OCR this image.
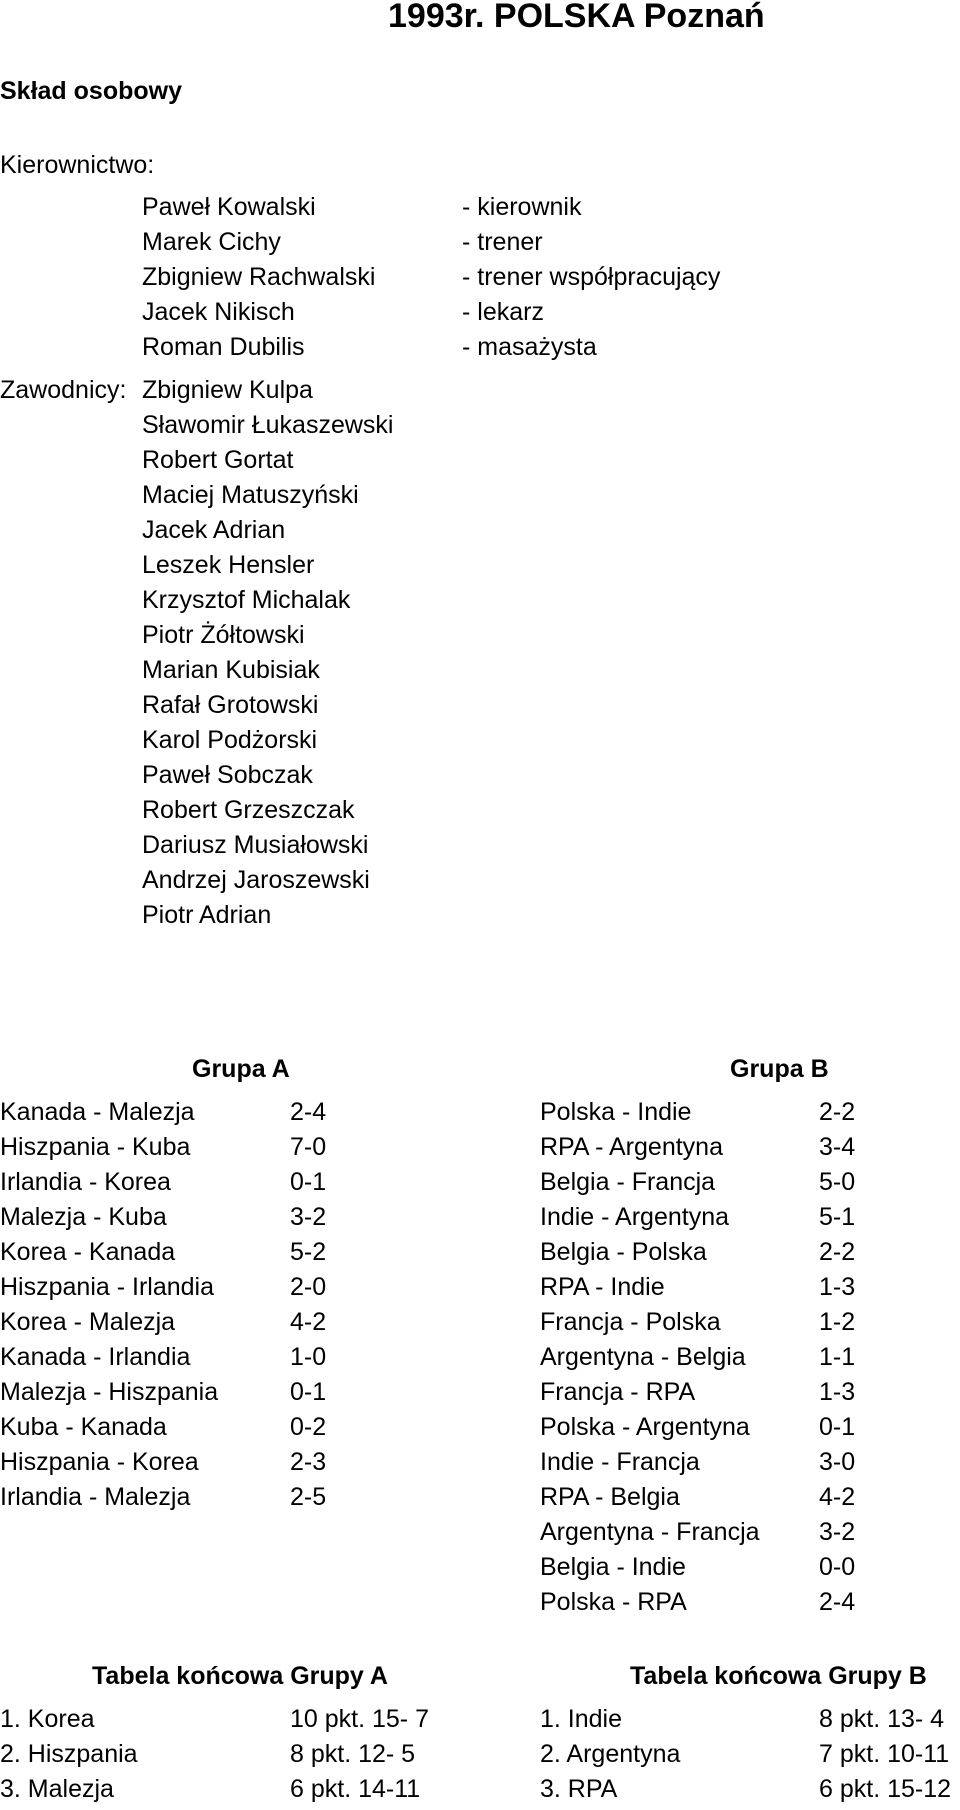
1993r. POLSKA Poznań
Skład osobowy
Kierownictwo:
Paweł Kowalski	- kierownik
Marek Cichy	- trener
Zbigniew Rachwalski	- trener współpracujący
Jacek Nikisch	- lekarz
Roman Dubilis	- masażysta
Zawodnicy: Zbigniew Kulpa
Sławomir Łukaszewski
Robert Gortat
Maciej Matuszyński
Jacek Adrian
Leszek Hensler
Krzysztof Michalak
Piotr Żółtowski
Marian Kubisiak
Rafał Grotowski
Karol Podżorski
Paweł Sobczak
Robert Grzeszczak
Dariusz Musiałowski
Andrzej Jaroszewski
Piotr Adrian
Grupa A	Grupa B
Kanada - Malezja	2-4
Hiszpania - Kuba	7-0
Irlandia - Korea	0-1
Malezja - Kuba	3-2
Korea - Kanada	5-2
Hiszpania - Irlandia	2-0
Korea - Malezja	4-2
Kanada - Irlandia	1-0
Malezja - Hiszpania	0-1
Kuba - Kanada	0-2
Hiszpania - Korea	2-3
Irlandia - Malezja	2-5
Polska - Indie	2-2
RPA - Argentyna	3-4
Belgia - Francja	5-0
Indie - Argentyna	5-1
Belgia - Polska	2-2
RPA - Indie	1-3
Francja - Polska	1-2
Argentyna - Belgia	1-1
Francja - RPA	1-3
Polska - Argentyna	0-1
Indie - Francja	3-0
RPA - Belgia	4-2
Argentyna - Francja 3-2
Belgia - Indie	0-0
Polska - RPA	2-4
Tabela końcowa Grupy A	Tabela końcowa Grupy B
1. Korea	10 pkt. 15- 7
2. Hiszpania	8 pkt. 12- 5
3. Malezja	6 pkt. 14-11
1. Indie	8 pkt. 13- 4
2. Argentyna	7 pkt. 10-11
3. RPA	6 pkt. 15-12
